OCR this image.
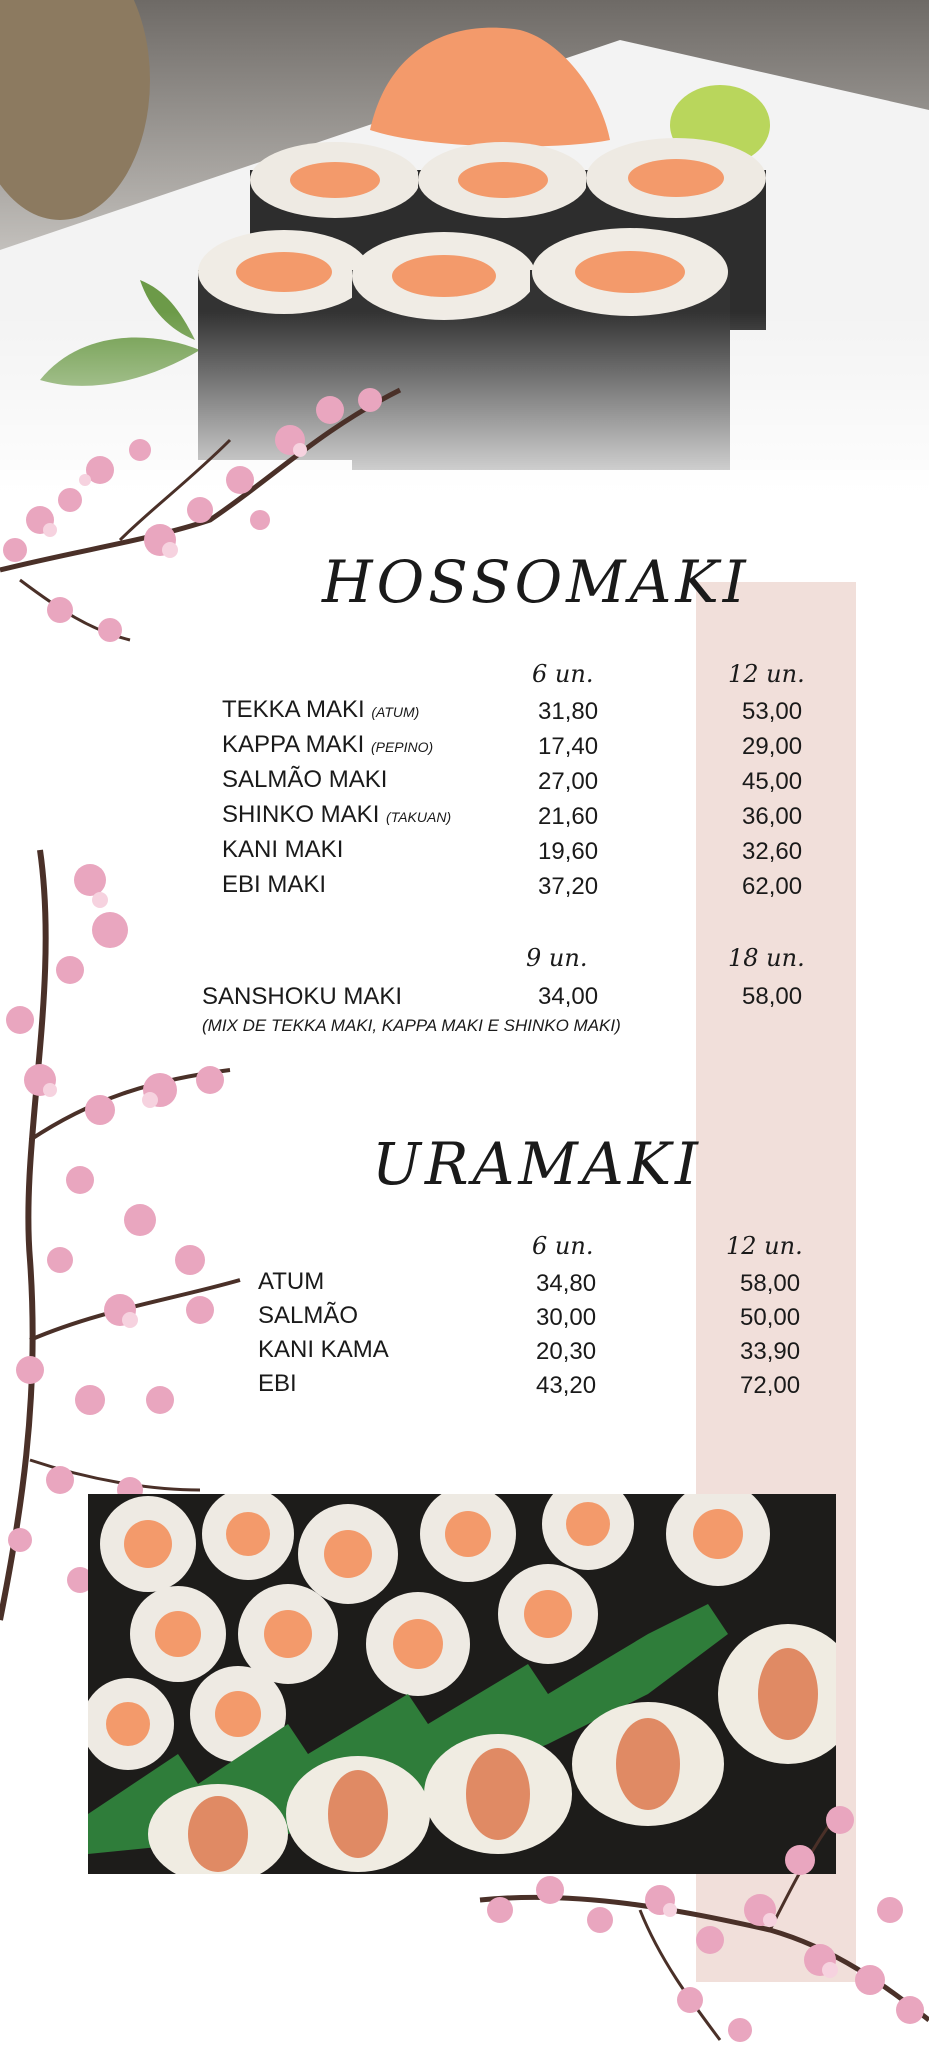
HOSSOMAKI
6 un.	12 un.
TEKKA MAKI (ATUM)	31,80	53,00
KAPPA MAKI (PEPINO)	17,40	29,00
SALMÃO MAKI	27,00	45,00
SHINKO MAKI (TAKUAN)	21,60	36,00
KANI MAKI	19,60	32,60
EBI MAKI	37,20	62,00
9 un.	18 un.
SANSHOKU MAKI	34,00	58,00
(MIX DE TEKKA MAKI, KAPPA MAKI E SHINKO MAKI)
URAMAKI
6 un.	12 un.
ATUM	34,80	58,00
SALMÃO	30,00	50,00
KANI KAMA	20,30	33,90
EBI	43,20	72,00
